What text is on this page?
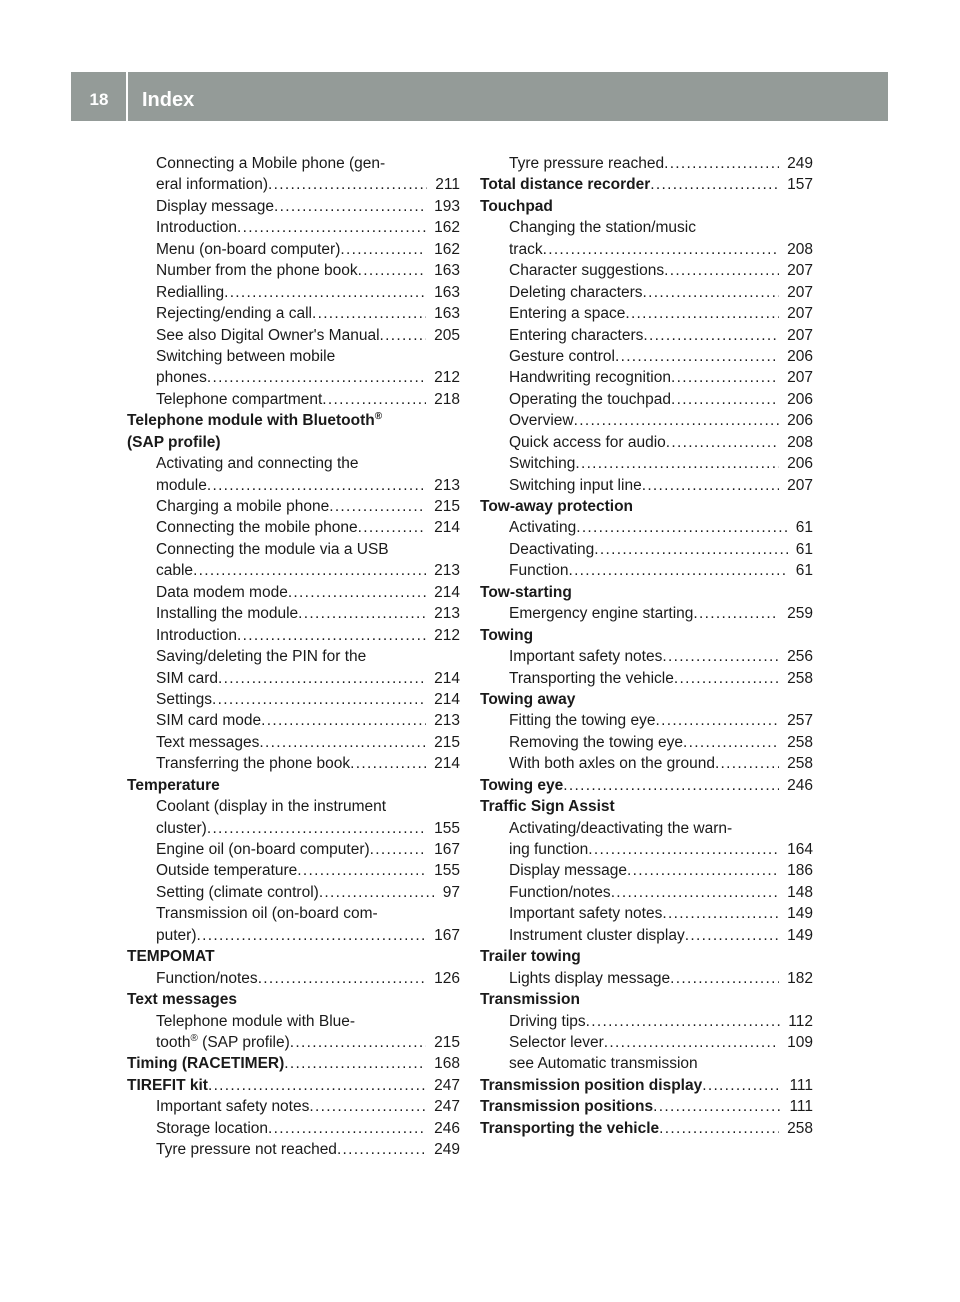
18	Index
Connecting a Mobile phone (gen-
eral information) . . .	211
Display message . . .	193
Introduction . . .	162
Menu (on-board computer) . . .	162
Number from the phone book . . .	163
Redialling . . .	163
Rejecting/ending a call . . .	163
See also Digital Owner's Manual . . .	205
Switching between mobile
phones . . .	212
Telephone compartment . . .	218
Telephone module with Bluetooth®
(SAP profile)
Activating and connecting the
module . . .	213
Charging a mobile phone . . .	215
Connecting the mobile phone . . .	214
Connecting the module via a USB
cable . . .	213
Data modem mode . . .	214
Installing the module . . .	213
Introduction . . .	212
Saving/deleting the PIN for the
SIM card . . .	214
Settings . . .	214
SIM card mode . . .	213
Text messages . . .	215
Transferring the phone book . . .	214
Temperature
Coolant (display in the instrument
cluster) . . .	155
Engine oil (on-board computer) . . .	167
Outside temperature . . .	155
Setting (climate control) . . .	97
Transmission oil (on-board com-
puter) . . .	167
TEMPOMAT
Function/notes . . .	126
Text messages
Telephone module with Blue-
tooth® (SAP profile) . . .	215
Timing (RACETIMER) . . .	168
TIREFIT kit . . .	247
Important safety notes . . .	247
Storage location . . .	246
Tyre pressure not reached . . .	249
Tyre pressure reached . . .	249
Total distance recorder . . .	157
Touchpad
Changing the station/music
track . . .	208
Character suggestions . . .	207
Deleting characters . . .	207
Entering a space . . .	207
Entering characters . . .	207
Gesture control . . .	206
Handwriting recognition . . .	207
Operating the touchpad . . .	206
Overview . . .	206
Quick access for audio . . .	208
Switching . . .	206
Switching input line . . .	207
Tow-away protection
Activating . . .	61
Deactivating . . .	61
Function . . .	61
Tow-starting
Emergency engine starting . . .	259
Towing
Important safety notes . . .	256
Transporting the vehicle . . .	258
Towing away
Fitting the towing eye . . .	257
Removing the towing eye . . .	258
With both axles on the ground . . .	258
Towing eye . . .	246
Traffic Sign Assist
Activating/deactivating the warn-
ing function . . .	164
Display message . . .	186
Function/notes . . .	148
Important safety notes . . .	149
Instrument cluster display . . .	149
Trailer towing
Lights display message . . .	182
Transmission
Driving tips . . .	112
Selector lever . . .	109
see Automatic transmission
Transmission position display . . .	111
Transmission positions . . .	111
Transporting the vehicle . . .	258
